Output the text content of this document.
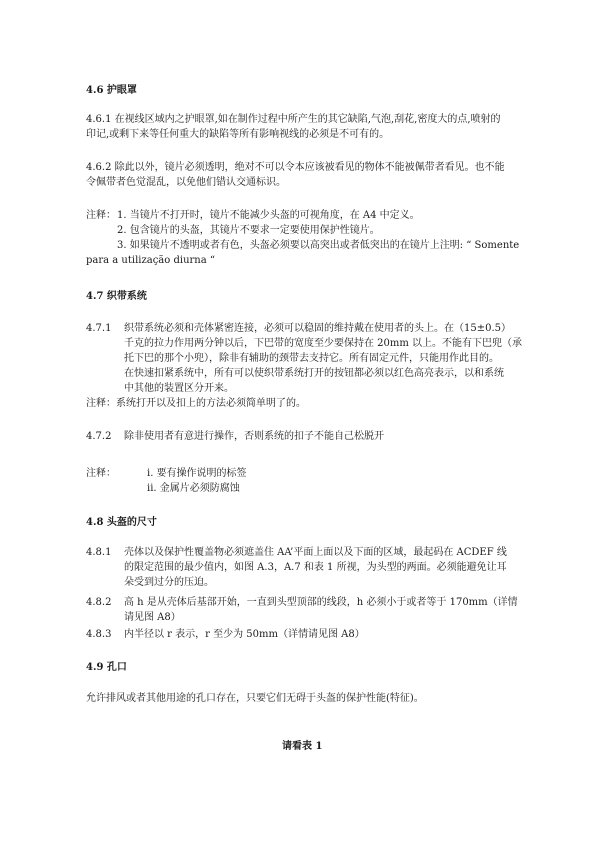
4.6 护眼罩
4.6.1 在视线区域内之护眼罩,如在制作过程中所产生的其它缺陷,气泡,刮花,密度大的点,喷射的
印记,或剩下来等任何重大的缺陷等所有影响视线的必须是不可有的。
4.6.2 除此以外，镜片必须透明，绝对不可以令本应该被看见的物体不能被佩带者看见。也不能
令佩带者色觉混乱，以免他们错认交通标识。
注释： 1. 当镜片不打开时，镜片不能减少头盔的可视角度，在 A4 中定义。
2. 包含镜片的头盔，其镜片不要求一定要使用保护性镜片。
3. 如果镜片不透明或者有色，头盔必须要以高突出或者低突出的在镜片上注明: “ Somente
para a utilização diurna “
4.7 织带系统
4.7.1 织带系统必须和壳体紧密连接，必须可以稳固的维持戴在使用者的头上。在（15±0.5）
千克的拉力作用两分钟以后，下巴带的宽度至少要保持在 20mm 以上。不能有下巴兜（承
托下巴的那个小兜），除非有辅助的颈带去支持它。所有固定元件，只能用作此目的。
在快速扣紧系统中，所有可以使织带系统打开的按钮都必须以红色高亮表示，以和系统
中其他的装置区分开来。
注释：系统打开以及扣上的方法必须简单明了的。
4.7.2 除非使用者有意进行操作，否则系统的扣子不能自己松脱开
注释：	i. 要有操作说明的标签
ii. 金属片必须防腐蚀
4.8 头盔的尺寸
4.8.1 壳体以及保护性覆盖物必须遮盖住 AA’平面上面以及下面的区域，最起码在 ACDEF 线
的限定范围的最少值内，如图 A.3，A.7 和表 1 所视，为头型的两面。必须能避免让耳
朵受到过分的压迫。
4.8.2 高 h 是从壳体后基部开始，一直到头型顶部的线段，h 必须小于或者等于 170mm（详情
请见图 A8）
4.8.3 内半径以 r 表示，r 至少为 50mm（详情请见图 A8）
4.9 孔口
允许排风或者其他用途的孔口存在，只要它们无碍于头盔的保护性能(特征)。
请看表 1
